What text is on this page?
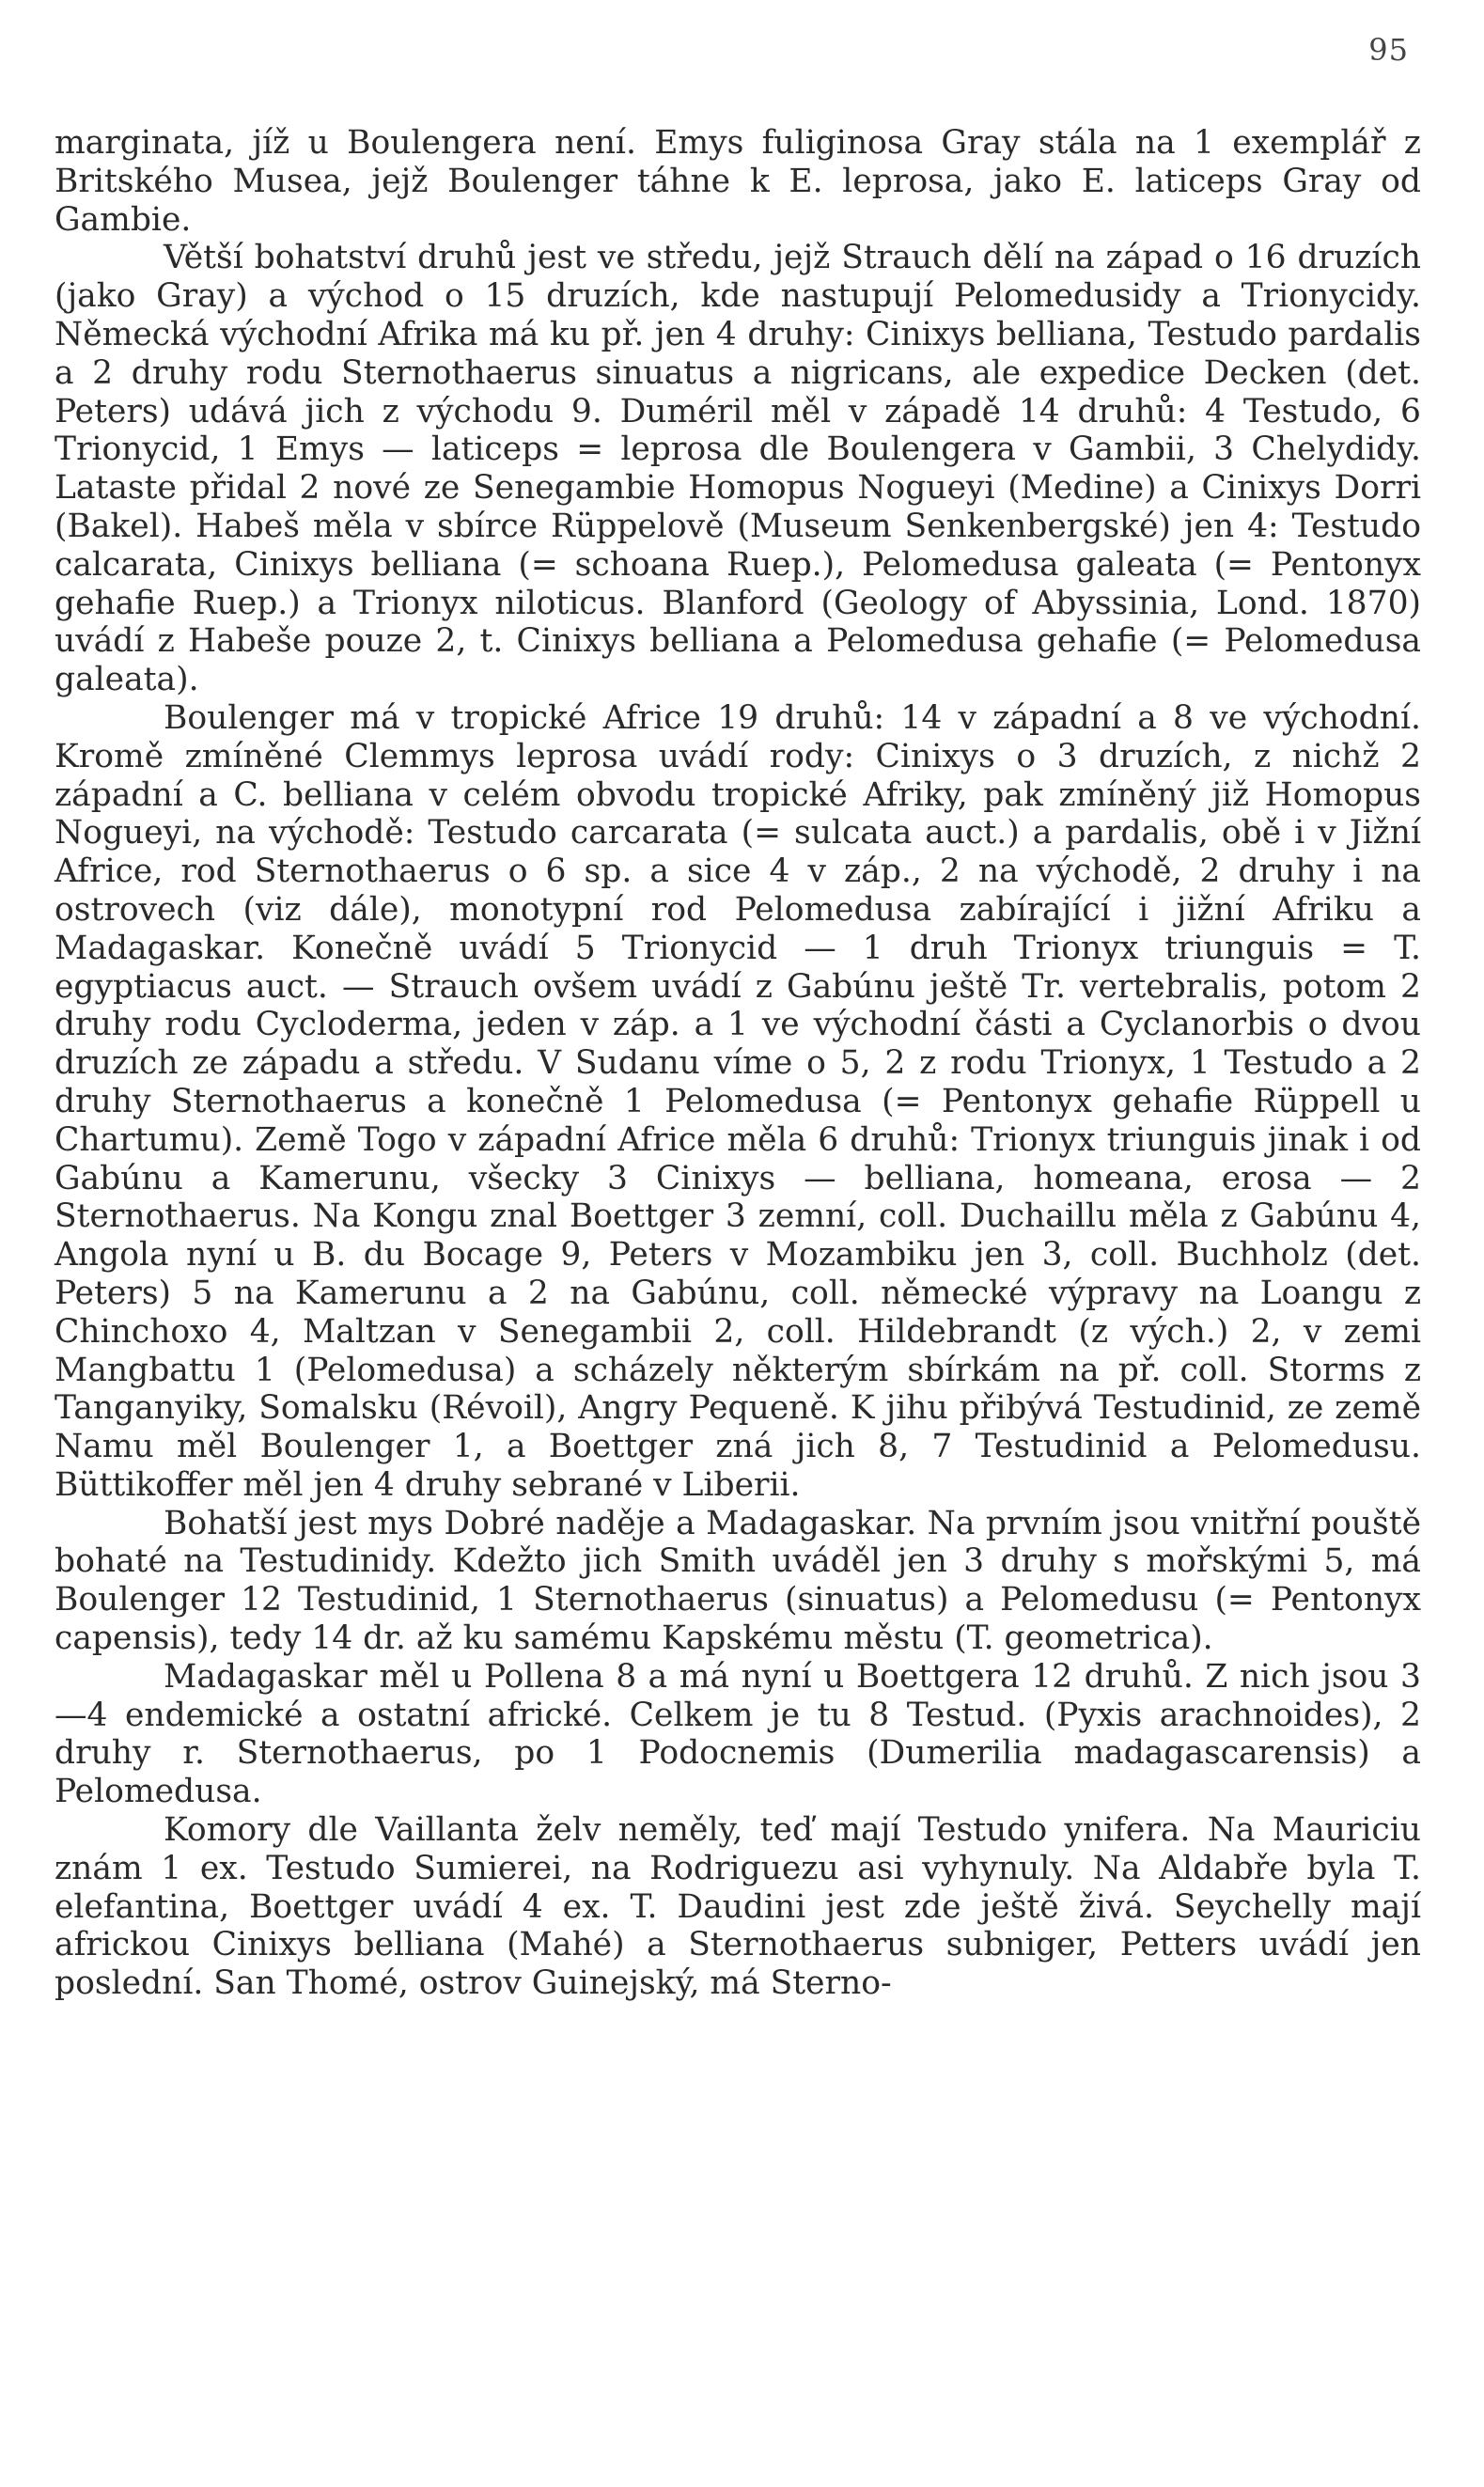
95

marginata, jíž u Boulengera není. Emys fuliginosa Gray stála na 1 exemplář z Britského Musea, jejž Boulenger táhne k E. leprosa, jako E. laticeps Gray od Gambie.

Větší bohatství druhů jest ve středu, jejž Strauch dělí na západ o 16 druzích (jako Gray) a východ o 15 druzích, kde nastupují Pelomedusidy a Trionycidy. Německá východní Afrika má ku př. jen 4 druhy: Cinixys belliana, Testudo pardalis a 2 druhy rodu Sternothaerus sinuatus a nigricans, ale expedice Decken (det. Peters) udává jich z východu 9. Duméril měl v západě 14 druhů: 4 Testudo, 6 Trionycid, 1 Emys — laticeps = leprosa dle Boulengera v Gambii, 3 Chelydidy. Lataste přidal 2 nové ze Senegambie Homopus Nogueyi (Medine) a Cinixys Dorri (Bakel). Habeš měla v sbírce Rüppelově (Museum Senkenbergské) jen 4: Testudo calcarata, Cinixys belliana (= schoana Ruep.), Pelomedusa galeata (= Pentonyx gehafie Ruep.) a Trionyx niloticus. Blanford (Geology of Abyssinia, Lond. 1870) uvádí z Habeše pouze 2, t. Cinixys belliana a Pelomedusa gehafie (= Pelomedusa galeata).

Boulenger má v tropické Africe 19 druhů: 14 v západní a 8 ve východní. Kromě zmíněné Clemmys leprosa uvádí rody: Cinixys o 3 druzích, z nichž 2 západní a C. belliana v celém obvodu tropické Afriky, pak zmíněný již Homopus Nogueyi, na východě: Testudo carcarata (= sulcata auct.) a pardalis, obě i v Jižní Africe, rod Sternothaerus o 6 sp. a sice 4 v záp., 2 na východě, 2 druhy i na ostrovech (viz dále), monotypní rod Pelomedusa zabírající i jižní Afriku a Madagaskar. Konečně uvádí 5 Trionycid — 1 druh Trionyx triunguis = T. egyptiacus auct. — Strauch ovšem uvádí z Gabúnu ještě Tr. vertebralis, potom 2 druhy rodu Cycloderma, jeden v záp. a 1 ve východní části a Cyclanorbis o dvou druzích ze západu a středu. V Sudanu víme o 5, 2 z rodu Trionyx, 1 Testudo a 2 druhy Sternothaerus a konečně 1 Pelomedusa (= Pentonyx gehafie Rüppell u Chartumu). Země Togo v západní Africe měla 6 druhů: Trionyx triunguis jinak i od Gabúnu a Kamerunu, všecky 3 Cinixys — belliana, homeana, erosa — 2 Sternothaerus. Na Kongu znal Boettger 3 zemní, coll. Duchaillu měla z Gabúnu 4, Angola nyní u B. du Bocage 9, Peters v Mozambiku jen 3, coll. Buchholz (det. Peters) 5 na Kamerunu a 2 na Gabúnu, coll. německé výpravy na Loangu z Chinchoxo 4, Maltzan v Senegambii 2, coll. Hildebrandt (z vých.) 2, v zemi Mangbattu 1 (Pelomedusa) a scházely některým sbírkám na př. coll. Storms z Tanganyiky, Somalsku (Révoil), Angry Pequeně. K jihu přibývá Testudinid, ze země Namu měl Boulenger 1, a Boettger zná jich 8, 7 Testudinid a Pelomedusu. Büttikoffer měl jen 4 druhy sebrané v Liberii.

Bohatší jest mys Dobré naděje a Madagaskar. Na prvním jsou vnitřní pouště bohaté na Testudinidy. Kdežto jich Smith uváděl jen 3 druhy s mořskými 5, má Boulenger 12 Testudinid, 1 Sternothaerus (sinuatus) a Pelomedusu (= Pentonyx capensis), tedy 14 dr. až ku samému Kapskému městu (T. geometrica).

Madagaskar měl u Pollena 8 a má nyní u Boettgera 12 druhů. Z nich jsou 3—4 endemické a ostatní africké. Celkem je tu 8 Testud. (Pyxis arachnoides), 2 druhy r. Sternothaerus, po 1 Podocnemis (Dumerilia madagascarensis) a Pelomedusa.

Komory dle Vaillanta želv neměly, teď mají Testudo ynifera. Na Mauriciu znám 1 ex. Testudo Sumierei, na Rodriguezu asi vyhynuly. Na Aldabře byla T. elefantina, Boettger uvádí 4 ex. T. Daudini jest zde ještě živá. Seychelly mají africkou Cinixys belliana (Mahé) a Sternothaerus subniger, Petters uvádí jen poslední. San Thomé, ostrov Guinejský, má Sterno-
